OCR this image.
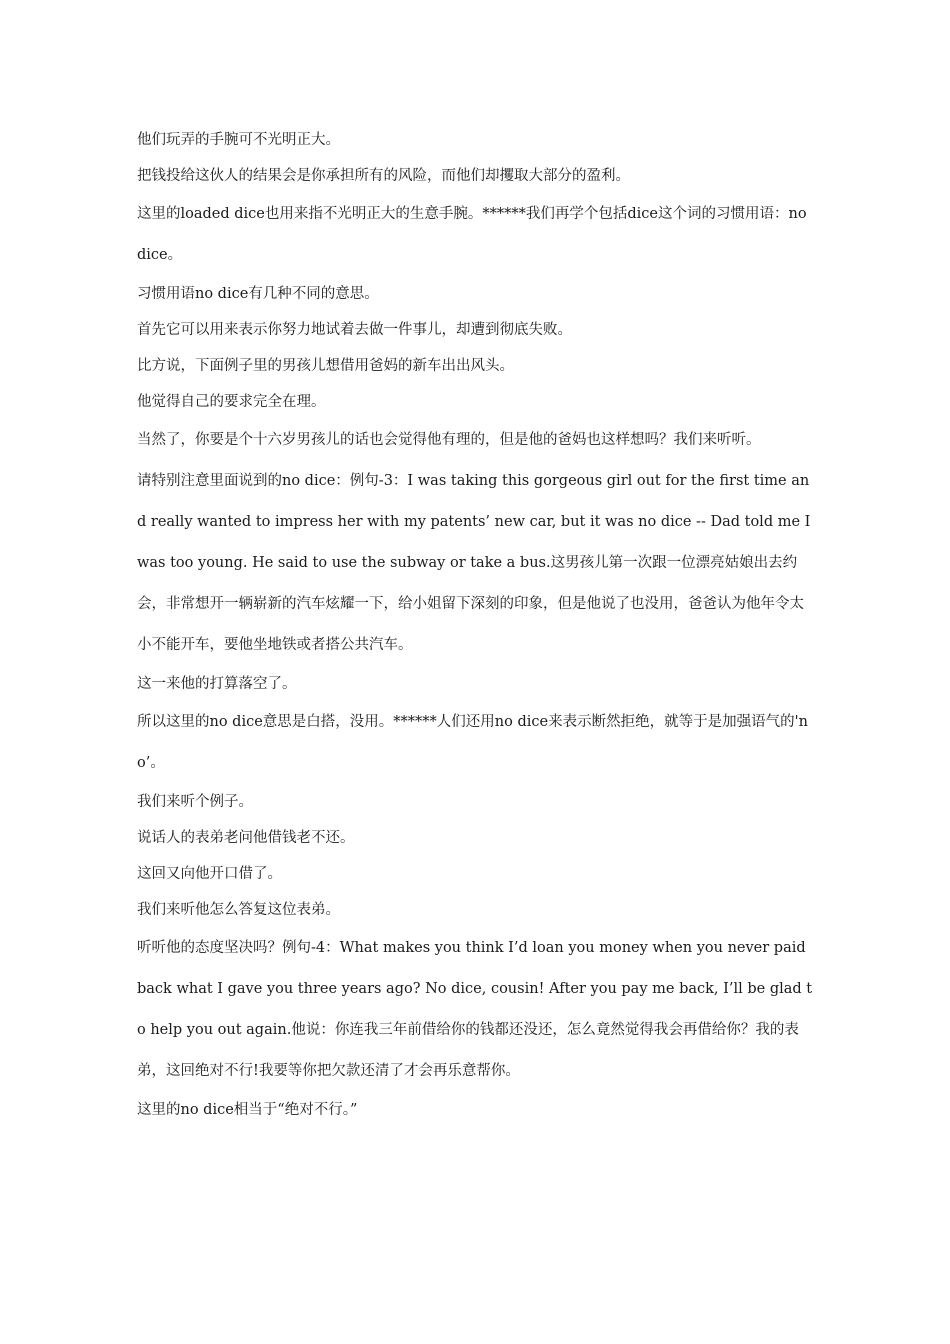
他们玩弄的手腕可不光明正大。

把钱投给这伙人的结果会是你承担所有的风险，而他们却攫取大部分的盈利。

这里的loaded dice也用来指不光明正大的生意手腕。******我们再学个包括dice这个词的习惯用语：no dice。

习惯用语no dice有几种不同的意思。

首先它可以用来表示你努力地试着去做一件事儿，却遭到彻底失败。

比方说，下面例子里的男孩儿想借用爸妈的新车出出风头。

他觉得自己的要求完全在理。

当然了，你要是个十六岁男孩儿的话也会觉得他有理的，但是他的爸妈也这样想吗？我们来听听。

请特别注意里面说到的no dice：例句-3：I was taking this gorgeous girl out for the first time and really wanted to impress her with my patents’ new car, but it was no dice -- Dad told me I was too young. He said to use the subway or take a bus.这男孩儿第一次跟一位漂亮姑娘出去约会，非常想开一辆崭新的汽车炫耀一下，给小姐留下深刻的印象，但是他说了也没用，爸爸认为他年令太小不能开车，要他坐地铁或者搭公共汽车。

这一来他的打算落空了。

所以这里的no dice意思是白搭，没用。******人们还用no dice来表示断然拒绝，就等于是加强语气的'no’。

我们来听个例子。

说话人的表弟老问他借钱老不还。

这回又向他开口借了。

我们来听他怎么答复这位表弟。

听听他的态度坚决吗？例句-4：What makes you think I’d loan you money when you never paid back what I gave you three years ago? No dice, cousin! After you pay me back, I’ll be glad to help you out again.他说：你连我三年前借给你的钱都还没还，怎么竟然觉得我会再借给你？我的表弟，这回绝对不行!我要等你把欠款还清了才会再乐意帮你。

这里的no dice相当于“绝对不行。”
